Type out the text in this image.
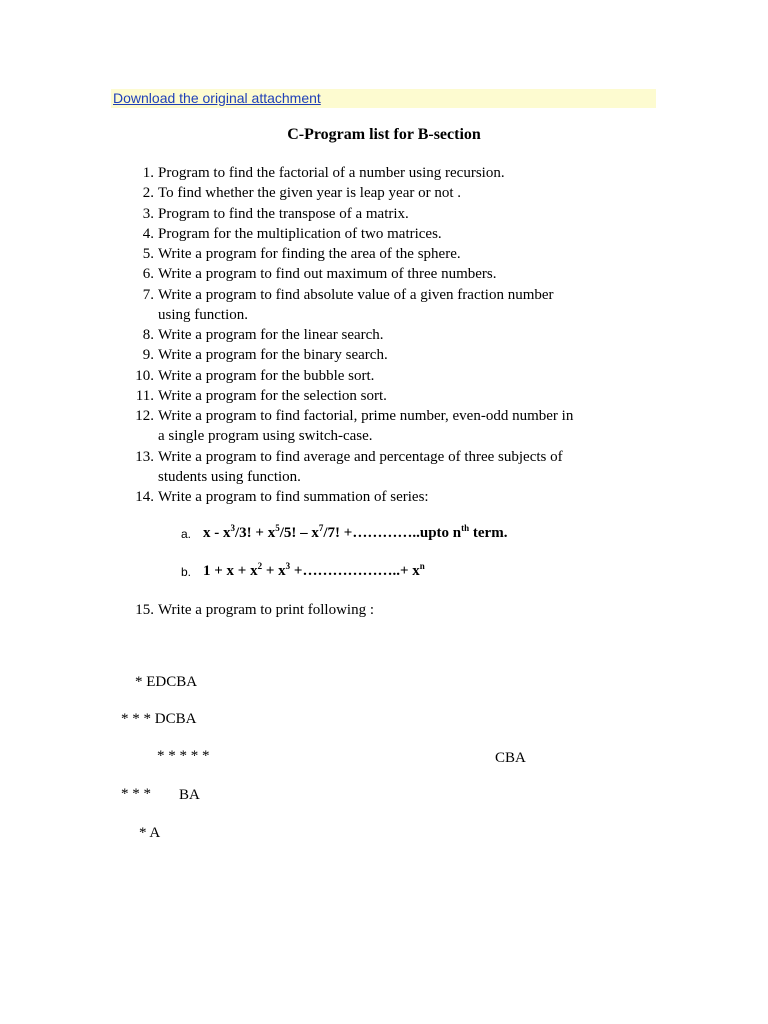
Download the original attachment
C-Program list for B-section
1. Program to find the factorial of a number using recursion.
2. To find whether the given year is leap year or not .
3. Program to find the transpose of a matrix.
4. Program for the multiplication of two matrices.
5. Write a program for finding the area of the sphere.
6. Write a program to find out maximum of three numbers.
7. Write a program to find absolute value of a given fraction number
using function.
8. Write a program for the linear search.
9. Write a program for the binary search.
10. Write a program for the bubble sort.
11. Write a program for the selection sort.
12. Write a program to find factorial, prime number, even-odd number in
a single program using switch-case.
13. Write a program to find average and percentage of three subjects of
students using function.
14. Write a program to find summation of series:
a. x - $x^3/3$! + $x^5/5$! – $x^7/7$! +…………..upto $n^{th}$ term.
b. $1 + x + x^2 + x^3$ +………………..+ $x^n$
15. Write a program to print following :
* EDCBA
* * * DCBA
* * * * *	CBA
* * * BA
* A
